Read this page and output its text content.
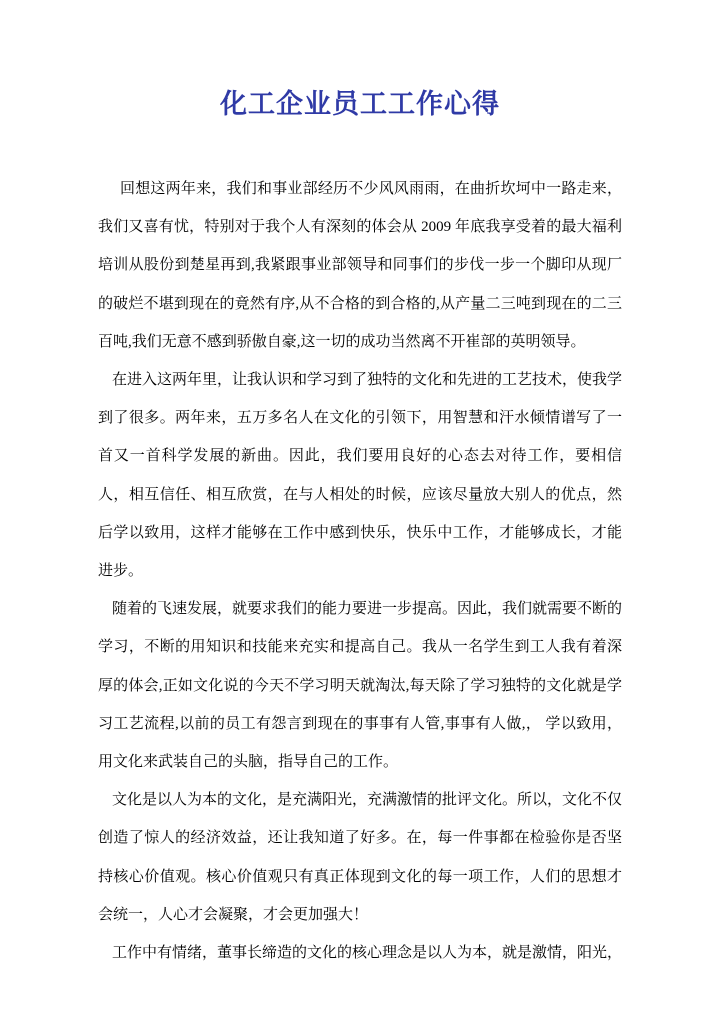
化工企业员工工作心得

回想这两年来，我们和事业部经历不少风风雨雨，在曲折坎坷中一路走来，我们又喜有忧，特别对于我个人有深刻的体会从 2009 年底我享受着的最大福利培训从股份到楚星再到,我紧跟事业部领导和同事们的步伐一步一个脚印从现厂的破烂不堪到现在的竟然有序,从不合格的到合格的,从产量二三吨到现在的二三百吨,我们无意不感到骄傲自豪,这一切的成功当然离不开崔部的英明领导。

在进入这两年里，让我认识和学习到了独特的文化和先进的工艺技术，使我学到了很多。两年来，五万多名人在文化的引领下，用智慧和汗水倾情谱写了一首又一首科学发展的新曲。因此，我们要用良好的心态去对待工作，要相信人，相互信任、相互欣赏，在与人相处的时候，应该尽量放大别人的优点，然后学以致用，这样才能够在工作中感到快乐，快乐中工作，才能够成长，才能进步。

随着的飞速发展，就要求我们的能力要进一步提高。因此，我们就需要不断的学习，不断的用知识和技能来充实和提高自己。我从一名学生到工人我有着深厚的体会,正如文化说的今天不学习明天就淘汰,每天除了学习独特的文化就是学习工艺流程,以前的员工有怨言到现在的事事有人管,事事有人做,， 学以致用，用文化来武装自己的头脑，指导自己的工作。

文化是以人为本的文化，是充满阳光，充满激情的批评文化。所以，文化不仅创造了惊人的经济效益，还让我知道了好多。在，每一件事都在检验你是否坚持核心价值观。核心价值观只有真正体现到文化的每一项工作，人们的思想才会统一，人心才会凝聚，才会更加强大！

工作中有情绪，董事长缔造的文化的核心理念是以人为本，就是激情，阳光，
